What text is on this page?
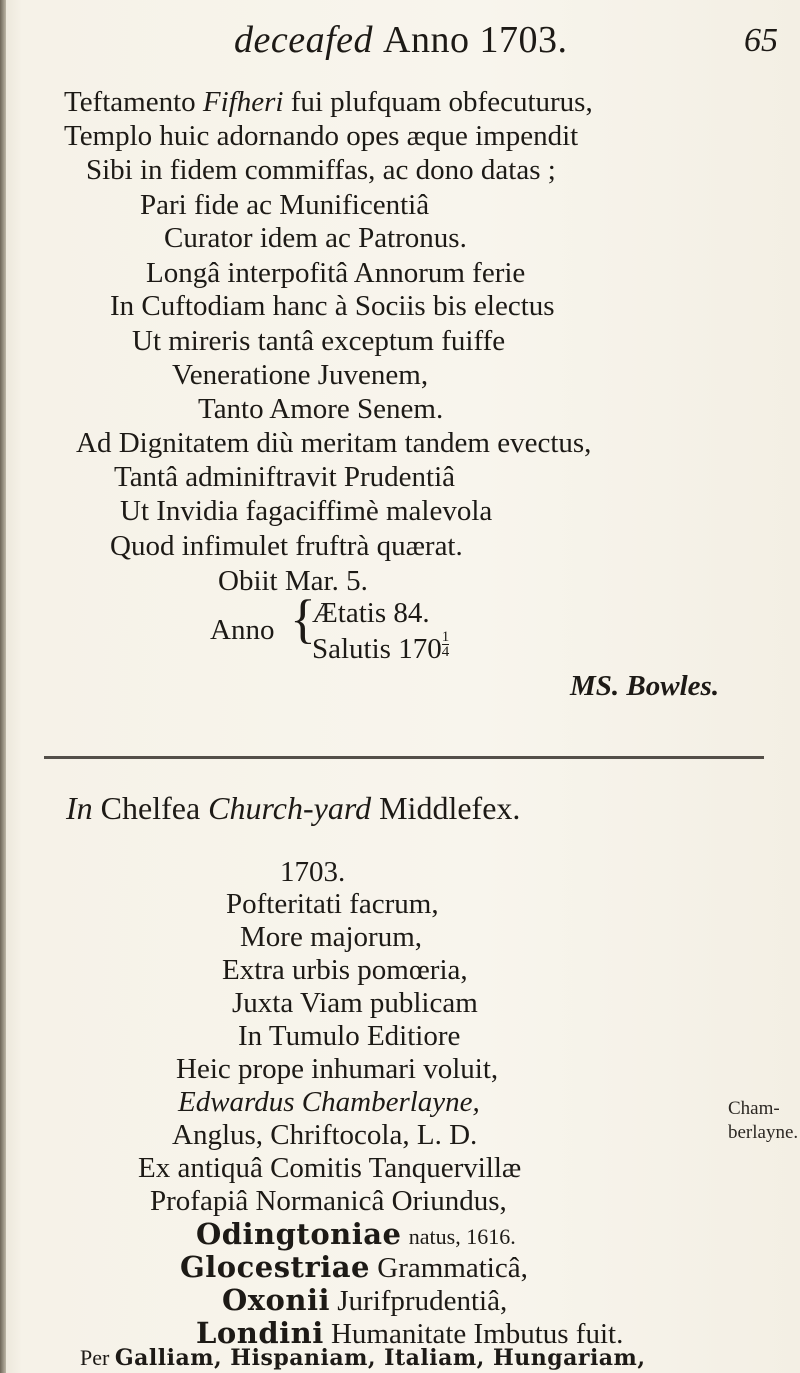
deceafed Anno 1703.	65
Teftamento Fifheri fui plufquam obfecuturus,
Templo huic adornando opes æque impendit
Sibi in fidem commiffas, ac dono datas ;
Pari fide ac Munificentiâ
Curator idem ac Patronus.
Longâ interpofitâ Annorum ferie
In Cuftodiam hanc à Sociis bis electus
Ut mireris tantâ exceptum fuiffe
Veneratione Juvenem,
Tanto Amore Senem.
Ad Dignitatem diù meritam tandem evectus,
Tantâ adminiftravit Prudentiâ
Ut Invidia fagaciffimè malevola
Quod infimulet fruftrà quærat.
Obiit Mar. 5.
Anno {
Ætatis 84.
Salutis $170 \frac{1}{4}$
MS. Bowles.
In Chelfea Church-yard Middlefex.
1703.
Pofteritati facrum,
More majorum,
Extra urbis pomœria,
Juxta Viam publicam
In Tumulo Editiore
Heic prope inhumari voluit,
Edwardus Chamberlayne,
Anglus, Chriftocola, L. D.
Ex antiquâ Comitis Tanquervillæ
Profapiâ Normanicâ Oriundus,
Odingtoniae natus, 1616.
Glocestriae Grammaticâ,
Oxonii Jurifprudentiâ,
Londini Humanitate Imbutus fuit.
Per Galliam, Hispaniam, Italiam, Hungariam,
Cham-
berlayne.
